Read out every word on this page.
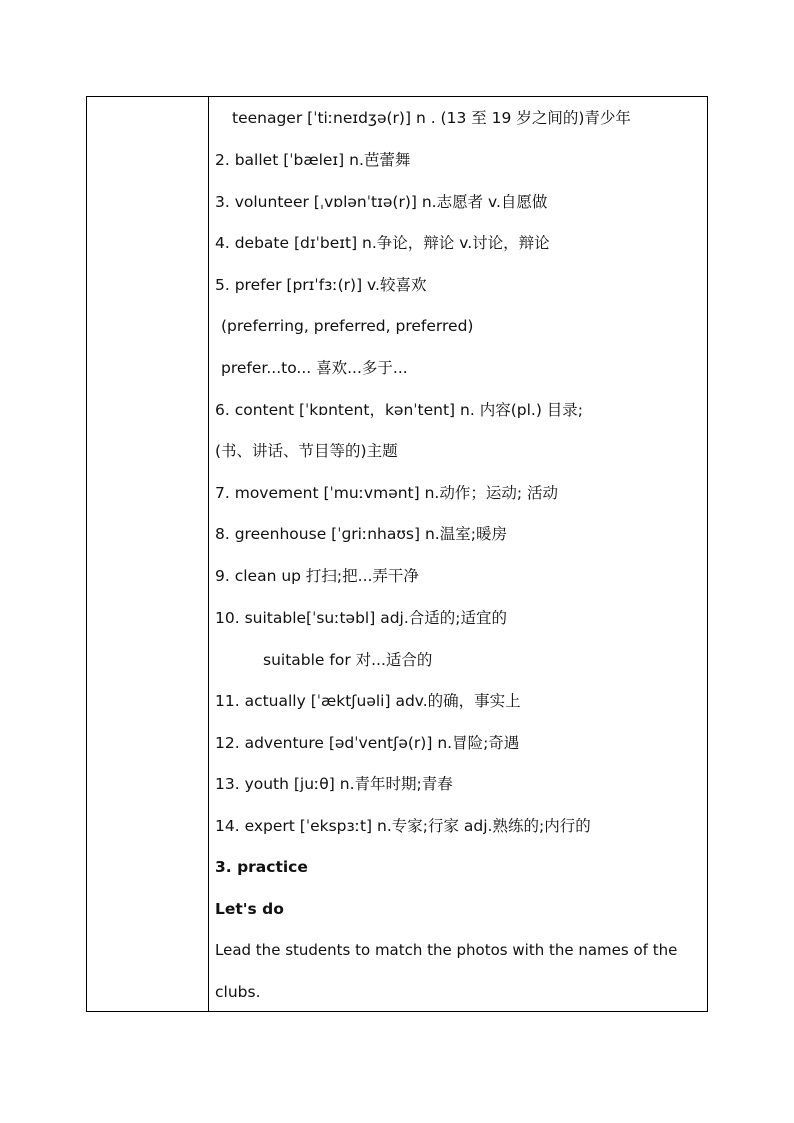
teenager [ˈtiːneɪdʒə(r)] n . (13 至 19 岁之间的)青少年
2. ballet [ˈbæleɪ] n.芭蕾舞
3. volunteer [ˌvɒlənˈtɪə(r)] n.志愿者 v.自愿做
4. debate [dɪˈbeɪt] n.争论，辩论 v.讨论，辩论
5. prefer [prɪˈfɜː(r)] v.较喜欢
(preferring, preferred, preferred)
prefer...to... 喜欢...多于...
6. content [ˈkɒntent，kənˈtent] n. 内容(pl.) 目录;
(书、讲话、节目等的)主题
7. movement [ˈmuːvmənt] n.动作；运动; 活动
8. greenhouse [ˈɡriːnhaʊs] n.温室;暖房
9. clean up 打扫;把...弄干净
10. suitable[ˈsuːtəbl] adj.合适的;适宜的
suitable for 对...适合的
11. actually [ˈæktʃuəli] adv.的确，事实上
12. adventure [ədˈventʃə(r)] n.冒险;奇遇
13. youth [juːθ] n.青年时期;青春
14. expert [ˈekspɜːt] n.专家;行家 adj.熟练的;内行的
3. practice
Let's do
Lead the students to match the photos with the names of the
clubs.
